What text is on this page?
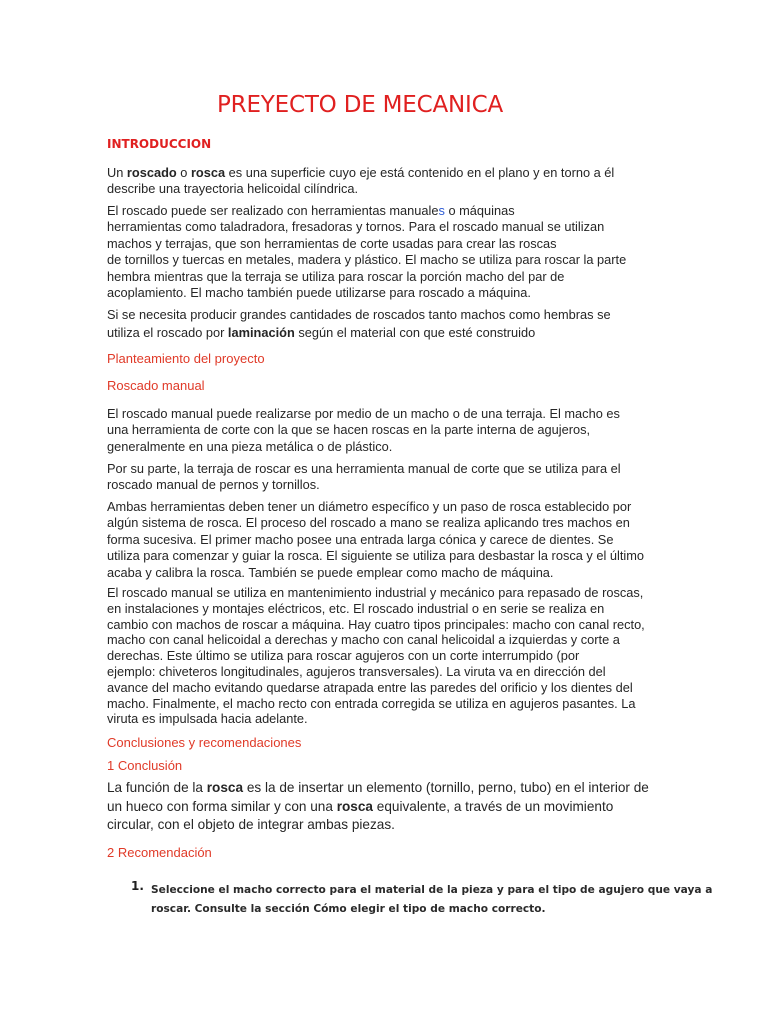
PREYECTO DE MECANICA
INTRODUCCION
Un roscado o rosca es una superficie cuyo eje está contenido en el plano y en torno a él
describe una trayectoria helicoidal cilíndrica.
El roscado puede ser realizado con herramientas manuales o máquinas
herramientas como taladradora, fresadoras y tornos. Para el roscado manual se utilizan
machos y terrajas, que son herramientas de corte usadas para crear las roscas
de tornillos y tuercas en metales, madera y plástico. El macho se utiliza para roscar la parte
hembra mientras que la terraja se utiliza para roscar la porción macho del par de
acoplamiento. El macho también puede utilizarse para roscado a máquina.
Si se necesita producir grandes cantidades de roscados tanto machos como hembras se
utiliza el roscado por laminación según el material con que esté construido
Planteamiento del proyecto
Roscado manual
El roscado manual puede realizarse por medio de un macho o de una terraja. El macho es
una herramienta de corte con la que se hacen roscas en la parte interna de agujeros,
generalmente en una pieza metálica o de plástico.
Por su parte, la terraja de roscar es una herramienta manual de corte que se utiliza para el
roscado manual de pernos y tornillos.
Ambas herramientas deben tener un diámetro específico y un paso de rosca establecido por
algún sistema de rosca. El proceso del roscado a mano se realiza aplicando tres machos en
forma sucesiva. El primer macho posee una entrada larga cónica y carece de dientes. Se
utiliza para comenzar y guiar la rosca. El siguiente se utiliza para desbastar la rosca y el último
acaba y calibra la rosca. También se puede emplear como macho de máquina.
El roscado manual se utiliza en mantenimiento industrial y mecánico para repasado de roscas,
en instalaciones y montajes eléctricos, etc. El roscado industrial o en serie se realiza en
cambio con machos de roscar a máquina. Hay cuatro tipos principales: macho con canal recto,
macho con canal helicoidal a derechas y macho con canal helicoidal a izquierdas y corte a
derechas. Este último se utiliza para roscar agujeros con un corte interrumpido (por
ejemplo: chiveteros longitudinales, agujeros transversales). La viruta va en dirección del
avance del macho evitando quedarse atrapada entre las paredes del orificio y los dientes del
macho. Finalmente, el macho recto con entrada corregida se utiliza en agujeros pasantes. La
viruta es impulsada hacia adelante.
Conclusiones y recomendaciones
1 Conclusión
La función de la rosca es la de insertar un elemento (tornillo, perno, tubo) en el interior de
un hueco con forma similar y con una rosca equivalente, a través de un movimiento
circular, con el objeto de integrar ambas piezas.
2 Recomendación
1. Seleccione el macho correcto para el material de la pieza y para el tipo de agujero que vaya a
roscar. Consulte la sección Cómo elegir el tipo de macho correcto.
